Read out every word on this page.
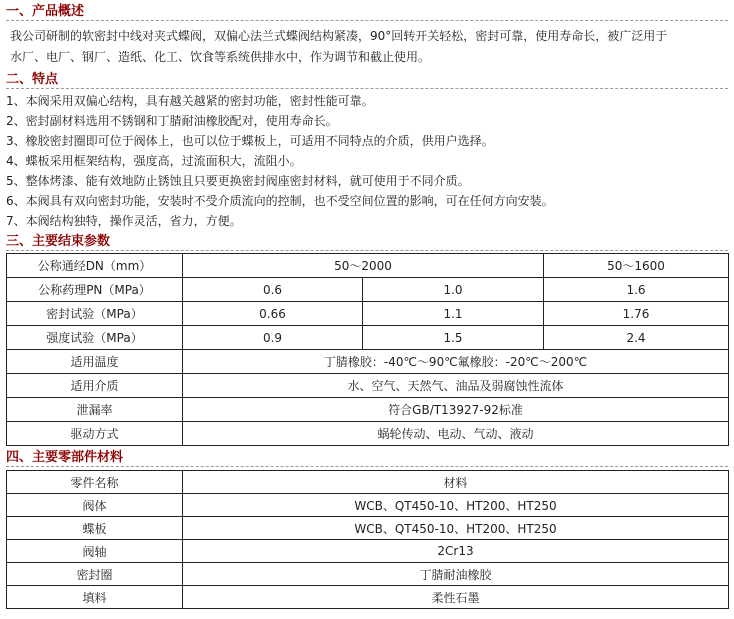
一、产品概述
我公司研制的软密封中线对夹式蝶阀，双偏心法兰式蝶阀结构紧凑，90°回转开关轻松，密封可靠，使用寿命长，被广泛用于
水厂、电厂、钢厂、造纸、化工、饮食等系统供排水中，作为调节和截止使用。
二、特点
1、本阀采用双偏心结构，具有越关越紧的密封功能，密封性能可靠。
2、密封副材料选用不锈钢和丁腈耐油橡胶配对，使用寿命长。
3、橡胶密封圈即可位于阀体上，也可以位于蝶板上，可适用不同特点的介质，供用户选择。
4、蝶板采用框架结构，强度高，过流面积大，流阻小。
5、整体烤漆、能有效地防止锈蚀且只要更换密封阀座密封材料，就可使用于不同介质。
6、本阀具有双向密封功能，安装时不受介质流向的控制，也不受空间位置的影响，可在任何方向安装。
7、本阀结构独特，操作灵活，省力，方便。
三、主要结束参数
公称通经DN（mm）	50～2000		50～1600
公称药理PN（MPa）	0.6	1.0	1.6
密封试验（MPa）	0.66	1.1	1.76
强度试验（MPa）	0.9	1.5	2.4
适用温度	丁腈橡胶：-40℃～90℃氟橡胶：-20℃～200℃		
适用介质	水、空气、天然气、油品及弱腐蚀性流体		
泄漏率	符合GB/T13927-92标准		
驱动方式	蜗轮传动、电动、气动、液动		
四、主要零部件材料
零件名称	材料
阀体	WCB、QT450-10、HT200、HT250
蝶板	WCB、QT450-10、HT200、HT250
阀轴	2Cr13
密封圈	丁腈耐油橡胶
填料	柔性石墨
